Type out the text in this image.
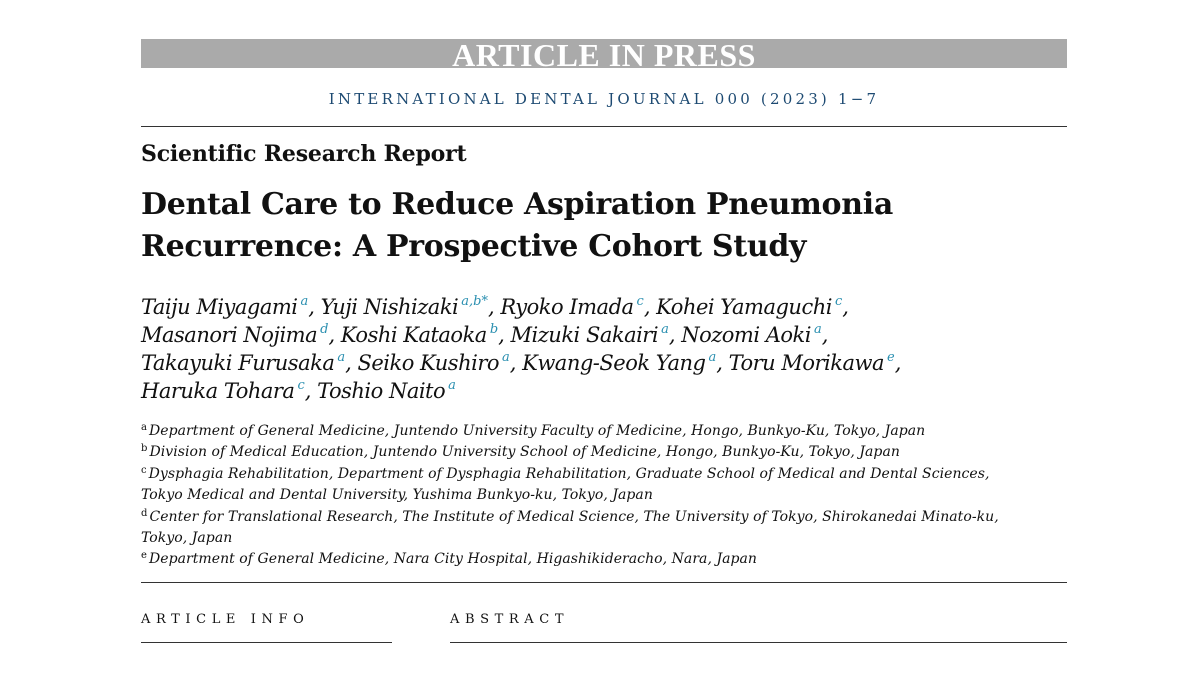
ARTICLE IN PRESS
INTERNATIONAL DENTAL JOURNAL 000 (2023) 1−7
Scientific Research Report
Dental Care to Reduce Aspiration Pneumonia
Recurrence: A Prospective Cohort Study
Taiju Miyagami $^a$, Yuji Nishizaki $^{a,b*}$, Ryoko Imada $^c$, Kohei Yamaguchi $^c$,
Masanori Nojima $^d$, Koshi Kataoka $^b$, Mizuki Sakairi $^a$, Nozomi Aoki $^a$,
Takayuki Furusaka $^a$, Seiko Kushiro $^a$, Kwang-Seok Yang $^a$, Toru Morikawa $^e$,
Haruka Tohara $^c$, Toshio Naito $^a$
$^a$ Department of General Medicine, Juntendo University Faculty of Medicine, Hongo, Bunkyo-Ku, Tokyo, Japan
$^b$ Division of Medical Education, Juntendo University School of Medicine, Hongo, Bunkyo-Ku, Tokyo, Japan
$^c$ Dysphagia Rehabilitation, Department of Dysphagia Rehabilitation, Graduate School of Medical and Dental Sciences,
Tokyo Medical and Dental University, Yushima Bunkyo-ku, Tokyo, Japan
$^d$ Center for Translational Research, The Institute of Medical Science, The University of Tokyo, Shirokanedai Minato-ku,
Tokyo, Japan
$^e$ Department of General Medicine, Nara City Hospital, Higashikideracho, Nara, Japan
ARTICLE INFO	ABSTRACT
